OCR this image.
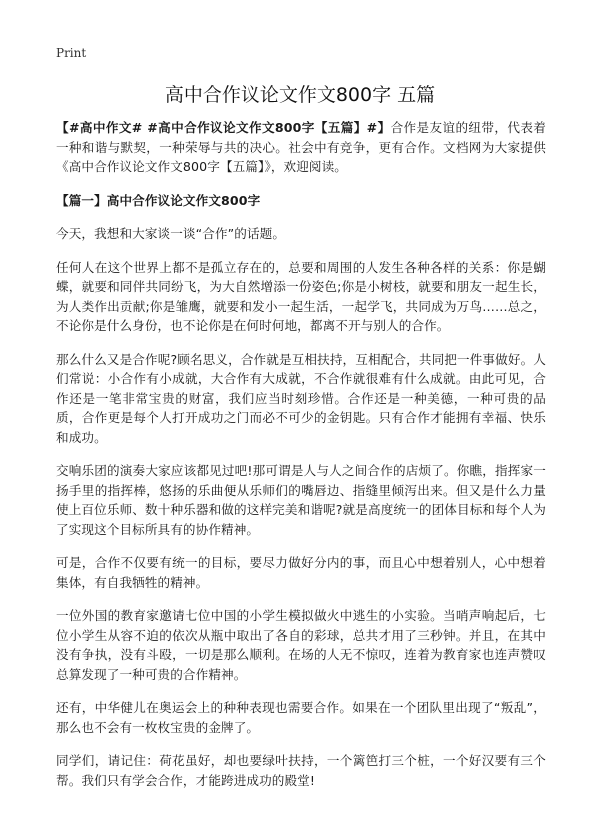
Print
高中合作议论文作文800字 五篇

【#高中作文# #高中合作议论文作文800字【五篇】#】合作是友谊的纽带，代表着一种和谐与默契，一种荣辱与共的决心。社会中有竞争，更有合作。文档网为大家提供《高中合作议论文作文800字【五篇】》，欢迎阅读。

【篇一】高中合作议论文作文800字

今天，我想和大家谈一谈“合作”的话题。

任何人在这个世界上都不是孤立存在的，总要和周围的人发生各种各样的关系：你是蝴蝶，就要和同伴共同纷飞，为大自然增添一份姿色;你是小树枝，就要和朋友一起生长，为人类作出贡献;你是雏鹰，就要和发小一起生活，一起学飞，共同成为万鸟……总之，不论你是什么身份，也不论你是在何时何地，都离不开与别人的合作。

那么什么又是合作呢?顾名思义，合作就是互相扶持，互相配合，共同把一件事做好。人们常说：小合作有小成就，大合作有大成就，不合作就很难有什么成就。由此可见，合作还是一笔非常宝贵的财富，我们应当时刻珍惜。合作还是一种美德，一种可贵的品质，合作更是每个人打开成功之门而必不可少的金钥匙。只有合作才能拥有幸福、快乐和成功。

交响乐团的演奏大家应该都见过吧!那可谓是人与人之间合作的店烦了。你瞧，指挥家一扬手里的指挥棒，悠扬的乐曲便从乐师们的嘴唇边、指缝里倾泻出来。但又是什么力量使上百位乐师、数十种乐器和做的这样完美和谐呢?就是高度统一的团体目标和每个人为了实现这个目标所具有的协作精神。

可是，合作不仅要有统一的目标，要尽力做好分内的事，而且心中想着别人，心中想着集体，有自我牺牲的精神。

一位外国的教育家邀请七位中国的小学生模拟做火中逃生的小实验。当哨声响起后，七位小学生从容不迫的依次从瓶中取出了各自的彩球，总共才用了三秒钟。并且，在其中没有争执，没有斗殴，一切是那么顺利。在场的人无不惊叹，连着为教育家也连声赞叹总算发现了一种可贵的合作精神。

还有，中华健儿在奥运会上的种种表现也需要合作。如果在一个团队里出现了“叛乱”，那么也不会有一枚枚宝贵的金牌了。

同学们，请记住：荷花虽好，却也要绿叶扶持，一个篱笆打三个桩，一个好汉要有三个帮。我们只有学会合作，才能跨进成功的殿堂!
